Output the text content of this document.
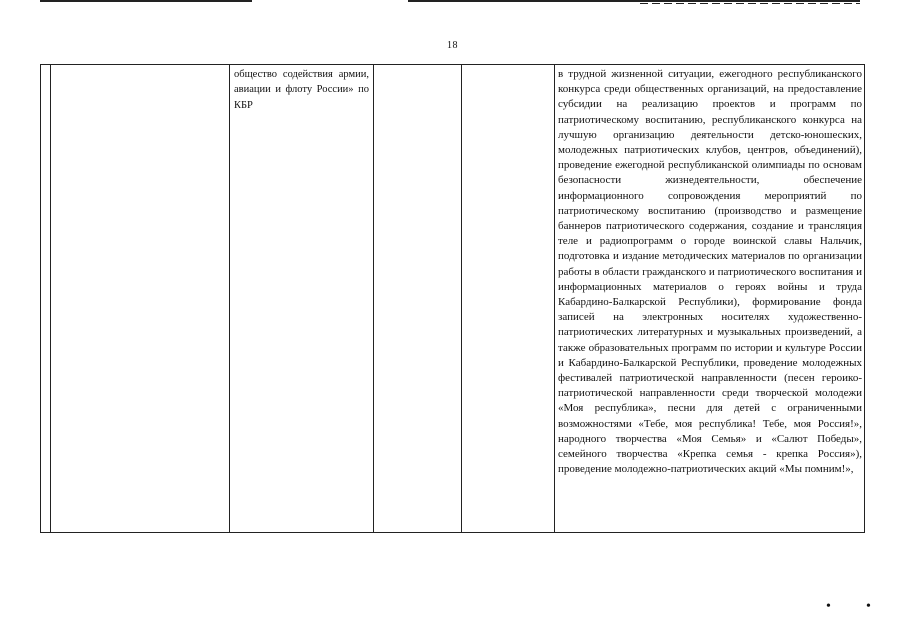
18
		общество содействия армии, авиации и флоту России» по КБР			в трудной жизненной ситуации, ежегодного республиканского конкурса среди общественных организаций, на предоставление субсидии на реализацию проектов и программ по патриотическому воспитанию, республиканского конкурса на лучшую организацию деятельности детско-юношеских, молодежных патриотических клубов, центров, объединений), проведение ежегодной республиканской олимпиады по основам безопасности жизнедеятельности, обеспечение информационного сопровождения мероприятий по патриотическому воспитанию (производство и размещение баннеров патриотического содержания, создание и трансляция теле и радиопрограмм о городе воинской славы Нальчик, подготовка и издание методических материалов по организации работы в области гражданского и патриотического воспитания и информационных материалов о героях войны и труда Кабардино-Балкарской Республики), формирование фонда записей на электронных носителях художественно-патриотических литературных и музыкальных произведений, а также образовательных программ по истории и культуре России и Кабардино-Балкарской Республики, проведение молодежных фестивалей патриотической направленности (песен героико-патриотической направленности среди творческой молодежи «Моя республика», песни для детей с ограниченными возможностями «Тебе, моя республика! Тебе, моя Россия!», народного творчества «Моя Семья» и «Салют Победы», семейного творчества «Крепка семья - крепка Россия»), проведение молодежно-патриотических акций «Мы помним!»,
•	•
